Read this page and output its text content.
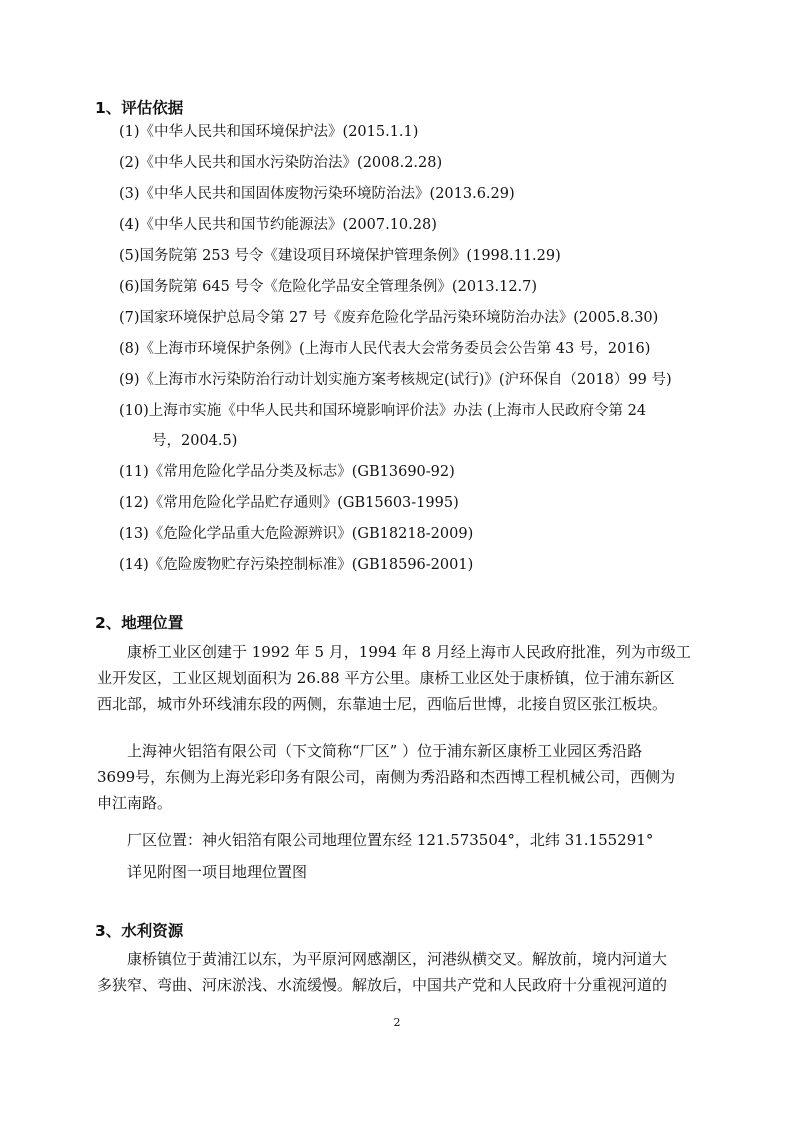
1、评估依据
(1)《中华人民共和国环境保护法》(2015.1.1)
(2)《中华人民共和国水污染防治法》(2008.2.28)
(3)《中华人民共和国固体废物污染环境防治法》(2013.6.29)
(4)《中华人民共和国节约能源法》(2007.10.28)
(5)国务院第 253 号令《建设项目环境保护管理条例》(1998.11.29)
(6)国务院第 645 号令《危险化学品安全管理条例》(2013.12.7)
(7)国家环境保护总局令第 27 号《废弃危险化学品污染环境防治办法》(2005.8.30)
(8)《上海市环境保护条例》(上海市人民代表大会常务委员会公告第 43 号，2016)
(9)《上海市水污染防治行动计划实施方案考核规定(试行)》(沪环保自（2018）99 号)
(10)上海市实施《中华人民共和国环境影响评价法》办法 (上海市人民政府令第 24
号，2004.5)
(11)《常用危险化学品分类及标志》(GB13690-92)
(12)《常用危险化学品贮存通则》(GB15603-1995)
(13)《危险化学品重大危险源辨识》(GB18218-2009)
(14)《危险废物贮存污染控制标准》(GB18596-2001)
2、地理位置
康桥工业区创建于 1992 年 5 月，1994 年 8 月经上海市人民政府批准，列为市级工
业开发区，工业区规划面积为 26.88 平方公里。康桥工业区处于康桥镇，位于浦东新区
西北部，城市外环线浦东段的两侧，东靠迪士尼，西临后世博，北接自贸区张江板块。
上海神火铝箔有限公司（下文简称“厂区” ）位于浦东新区康桥工业园区秀沿路
3699号，东侧为上海光彩印务有限公司，南侧为秀沿路和杰西博工程机械公司，西侧为
申江南路。
厂区位置：神火铝箔有限公司地理位置东经 121.573504°，北纬 31.155291°
详见附图一项目地理位置图
3、水利资源
康桥镇位于黄浦江以东，为平原河网感潮区，河港纵横交叉。解放前，境内河道大
多狭窄、弯曲、河床淤浅、水流缓慢。解放后，中国共产党和人民政府十分重视河道的
2
